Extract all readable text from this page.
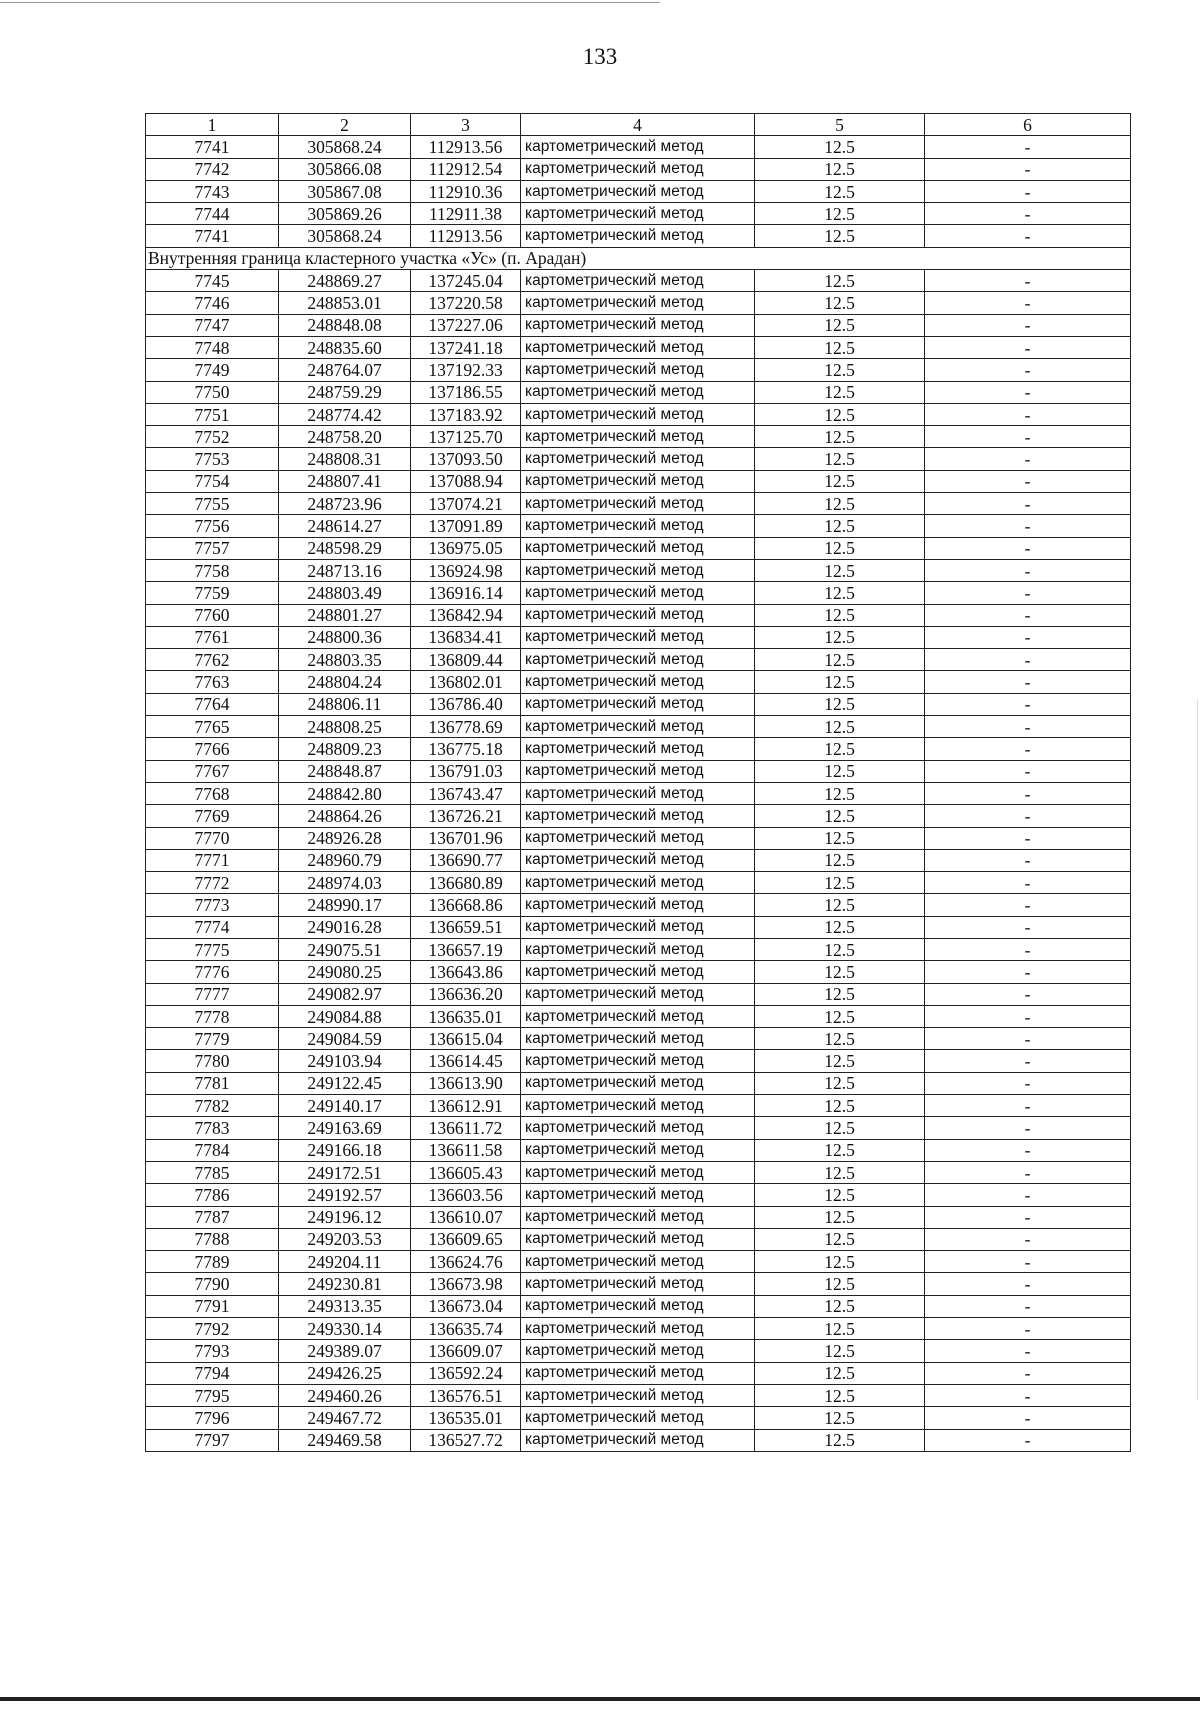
133
1	2	3	4	5	6
7741	305868.24	112913.56	картометрический метод	12.5	-
7742	305866.08	112912.54	картометрический метод	12.5	-
7743	305867.08	112910.36	картометрический метод	12.5	-
7744	305869.26	112911.38	картометрический метод	12.5	-
7741	305868.24	112913.56	картометрический метод	12.5	-
Внутренняя граница кластерного участка «Ус» (п. Арадан)					
7745	248869.27	137245.04	картометрический метод	12.5	-
7746	248853.01	137220.58	картометрический метод	12.5	-
7747	248848.08	137227.06	картометрический метод	12.5	-
7748	248835.60	137241.18	картометрический метод	12.5	-
7749	248764.07	137192.33	картометрический метод	12.5	-
7750	248759.29	137186.55	картометрический метод	12.5	-
7751	248774.42	137183.92	картометрический метод	12.5	-
7752	248758.20	137125.70	картометрический метод	12.5	-
7753	248808.31	137093.50	картометрический метод	12.5	-
7754	248807.41	137088.94	картометрический метод	12.5	-
7755	248723.96	137074.21	картометрический метод	12.5	-
7756	248614.27	137091.89	картометрический метод	12.5	-
7757	248598.29	136975.05	картометрический метод	12.5	-
7758	248713.16	136924.98	картометрический метод	12.5	-
7759	248803.49	136916.14	картометрический метод	12.5	-
7760	248801.27	136842.94	картометрический метод	12.5	-
7761	248800.36	136834.41	картометрический метод	12.5	-
7762	248803.35	136809.44	картометрический метод	12.5	-
7763	248804.24	136802.01	картометрический метод	12.5	-
7764	248806.11	136786.40	картометрический метод	12.5	-
7765	248808.25	136778.69	картометрический метод	12.5	-
7766	248809.23	136775.18	картометрический метод	12.5	-
7767	248848.87	136791.03	картометрический метод	12.5	-
7768	248842.80	136743.47	картометрический метод	12.5	-
7769	248864.26	136726.21	картометрический метод	12.5	-
7770	248926.28	136701.96	картометрический метод	12.5	-
7771	248960.79	136690.77	картометрический метод	12.5	-
7772	248974.03	136680.89	картометрический метод	12.5	-
7773	248990.17	136668.86	картометрический метод	12.5	-
7774	249016.28	136659.51	картометрический метод	12.5	-
7775	249075.51	136657.19	картометрический метод	12.5	-
7776	249080.25	136643.86	картометрический метод	12.5	-
7777	249082.97	136636.20	картометрический метод	12.5	-
7778	249084.88	136635.01	картометрический метод	12.5	-
7779	249084.59	136615.04	картометрический метод	12.5	-
7780	249103.94	136614.45	картометрический метод	12.5	-
7781	249122.45	136613.90	картометрический метод	12.5	-
7782	249140.17	136612.91	картометрический метод	12.5	-
7783	249163.69	136611.72	картометрический метод	12.5	-
7784	249166.18	136611.58	картометрический метод	12.5	-
7785	249172.51	136605.43	картометрический метод	12.5	-
7786	249192.57	136603.56	картометрический метод	12.5	-
7787	249196.12	136610.07	картометрический метод	12.5	-
7788	249203.53	136609.65	картометрический метод	12.5	-
7789	249204.11	136624.76	картометрический метод	12.5	-
7790	249230.81	136673.98	картометрический метод	12.5	-
7791	249313.35	136673.04	картометрический метод	12.5	-
7792	249330.14	136635.74	картометрический метод	12.5	-
7793	249389.07	136609.07	картометрический метод	12.5	-
7794	249426.25	136592.24	картометрический метод	12.5	-
7795	249460.26	136576.51	картометрический метод	12.5	-
7796	249467.72	136535.01	картометрический метод	12.5	-
7797	249469.58	136527.72	картометрический метод	12.5	-
